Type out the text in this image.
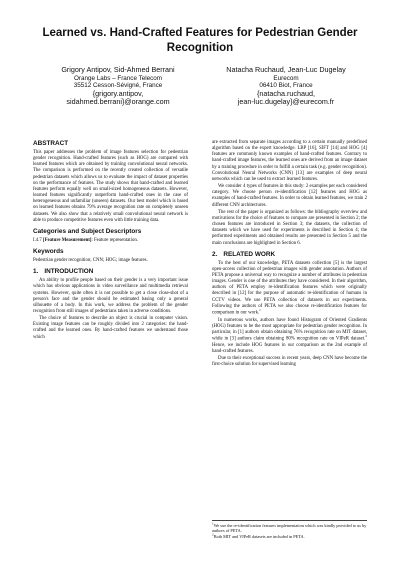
Learned vs. Hand-Crafted Features for Pedestrian Gender Recognition
Grigory Antipov, Sid-Ahmed Berrani
Orange Labs – France Telecom
35512 Cesson-Sévigné, France
{grigory.antipov,
sidahmed.berrani}@orange.com
Natacha Ruchaud, Jean-Luc Dugelay
Eurecom
06410 Biot, France
{natacha.ruchaud,
jean-luc.dugelay}@eurecom.fr
ABSTRACT

This paper addresses the problem of image features selection for pedestrian gender recognition. Hand-crafted features (such as HOG) are compared with learned features which are obtained by training convolutional neural networks. The comparison is performed on the recently created collection of versatile pedestrian datasets which allows us to evaluate the impact of dataset properties on the performance of features. The study shows that hand-crafted and learned features perform equally well on small-sized homogeneous datasets. However, learned features significantly outperform hand-crafted ones in the case of heterogeneous and unfamiliar (unseen) datasets. Our best model which is based on learned features obtains 79% average recognition rate on completely unseen datasets. We also show that a relatively small convolutional neural network is able to produce competitive features even with little training data.

Categories and Subject Descriptors

I.4.7 [Feature Measurement]: Feature representation.

Keywords

Pedestrian gender recognition; CNN; HOG; image features.

1. INTRODUCTION

An ability to profile people based on their gender is a very important issue which has obvious applications in video surveillance and multimedia retrieval systems. However, quite often it is not possible to get a close close-shot of a person's face and the gender should be estimated basing only a general silhouette of a body. In this work, we address the problem of the gender recognition from still images of pedestrians taken in adverse conditions.

The choice of features to describe an object is crucial in computer vision. Existing image features can be roughly divided into 2 categories: the hand-crafted and the learned ones. By hand-crafted features we understand those which

are extracted from separate images according to a certain manually predefined algorithm based on the expert knowledge. LBP [16], SIFT [14] and HOG [4] features are commonly known examples of hand-crafted features. Contrary to hand-crafted image features, the learned ones are derived from an image dataset by a training procedure in order to fulfill a certain task (e.g. gender recognition). Convolutional Neural Networks (CNN) [13] are examples of deep neural networks which can be used to extract learned features.

We consider 4 types of features in this study: 2 examples per each considered category. We choose person re-identification [12] features and HOG as examples of hand-crafted features. In order to obtain learned features, we train 2 different CNN architectures.

The rest of the paper is organized as follows: the bibliography overview and motivations for the choice of features to compare are presented in Section 2; the chosen features are introduced in Section 3; the datasets, the collection of datasets which we have used for experiments is described in Section 4; the performed experiments and obtained results are presented in Section 5 and the main conclusions are highlighted in Section 6.

2. RELATED WORK

To the best of our knowledge, PETA datasets collection [5] is the largest open-access collection of pedestrian images with gender annotation. Authors of PETA propose a universal way to recognize a number of attributes in pedestrian images. Gender is one of the attributes they have considered. In their algorithm, authors of PETA employ re-identification features which were originally described in [12] for the purpose of automatic re-identification of humans in CCTV videos. We use PETA collection of datasets in our experiments. Following the authors of PETA we also choose re-identification features for comparison in our work.$^1$

In numerous works, authors have found Histogram of Oriented Gradients (HOG) features to be the most appropriate for pedestrian gender recognition. In particular, in [1] authors obtain obtaining 76% recognition rate on MIT dataset, while in [3] authors claim obtaining 80% recognition rate on VIPeR dataset.$^2$ Hence, we include HOG features in our comparison as the 2nd example of hand-crafted features.

Due to their exceptional success in recent years, deep CNN have become the first-choice solution for supervised learning

$^1$We use the re-identification features implementation which was kindly provided to us by authors of PETA.

$^2$Both MIT and VIPeR datasets are included in PETA.
